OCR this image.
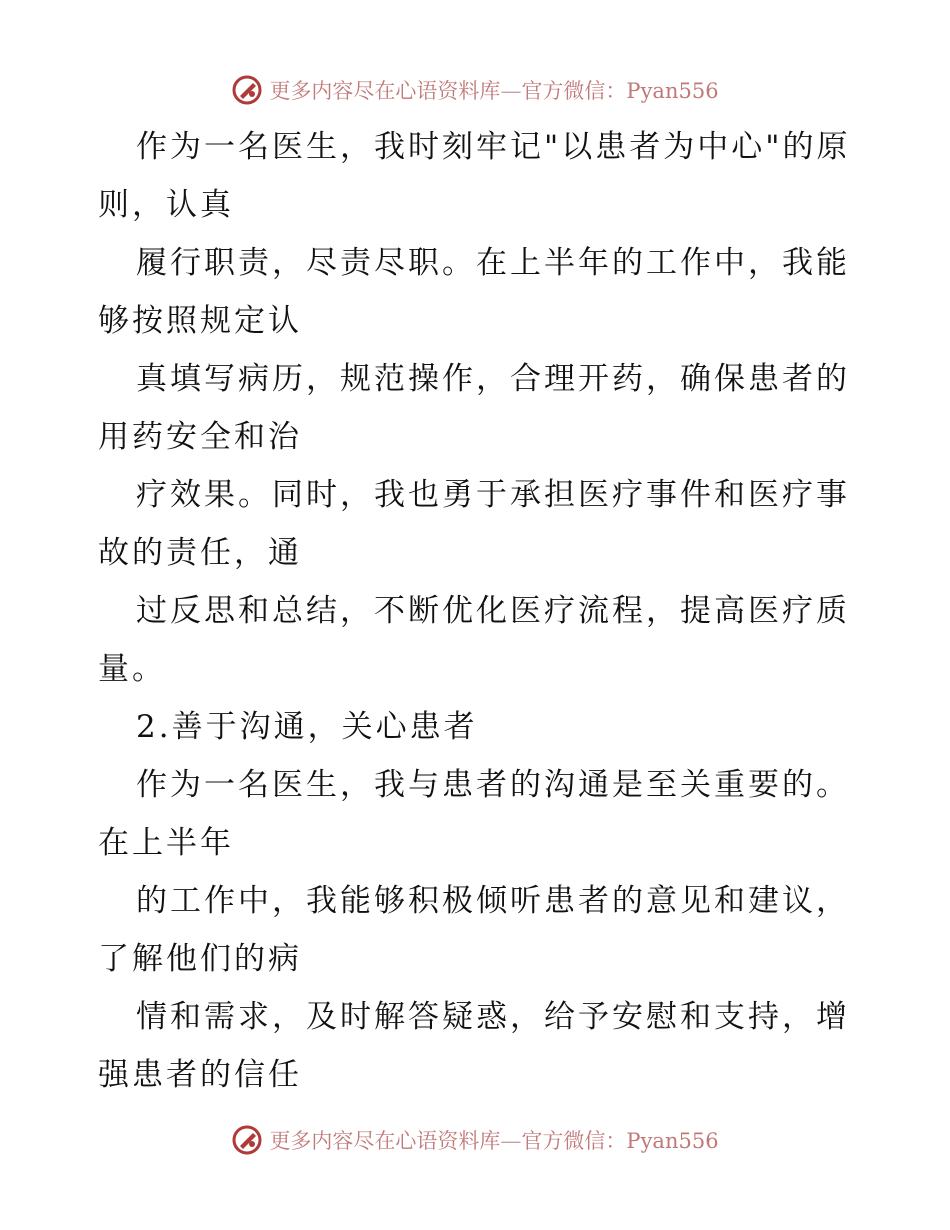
更多内容尽在心语资料库—官方微信：Pyan556
作为一名医生，我时刻牢记"以患者为中心"的原
则，认真
履行职责，尽责尽职。在上半年的工作中，我能
够按照规定认
真填写病历，规范操作，合理开药，确保患者的
用药安全和治
疗效果。同时，我也勇于承担医疗事件和医疗事
故的责任，通
过反思和总结，不断优化医疗流程，提高医疗质
量。
2.善于沟通，关心患者
作为一名医生，我与患者的沟通是至关重要的。
在上半年
的工作中，我能够积极倾听患者的意见和建议，
了解他们的病
情和需求，及时解答疑惑，给予安慰和支持，增
强患者的信任
更多内容尽在心语资料库—官方微信：Pyan556
